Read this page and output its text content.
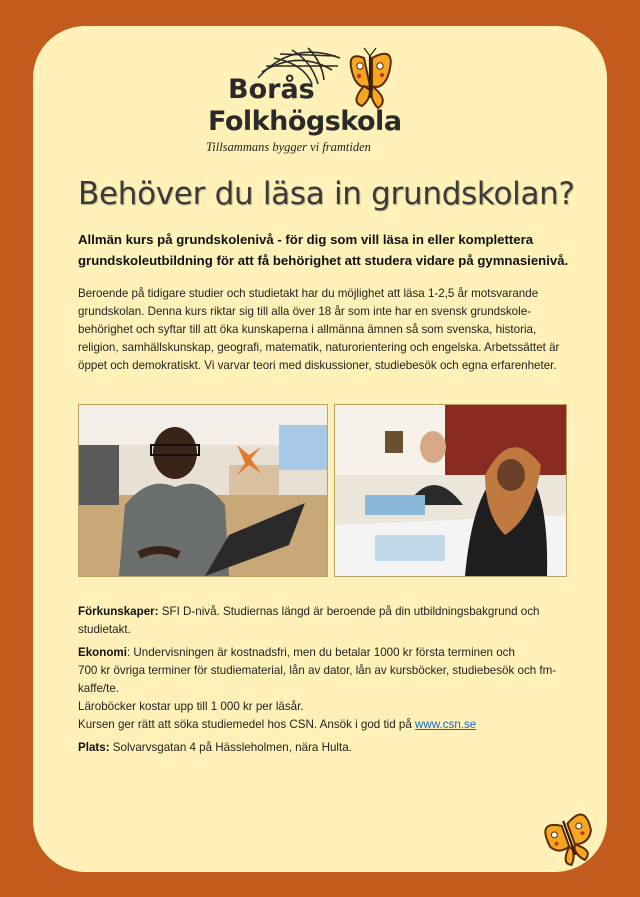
Borås
Folkhögskola
Tillsammans bygger vi framtiden
Behöver du läsa in grundskolan?

Allmän kurs på grundskolenivå - för dig som vill läsa in eller komplettera grundskoleutbildning för att få behörighet att studera vidare på gymnasienivå.

Beroende på tidigare studier och studietakt har du möjlighet att läsa 1-2,5 år motsvarande grundskolan. Denna kurs riktar sig till alla över 18 år som inte har en svensk grundskole-behörighet och syftar till att öka kunskaperna i allmänna ämnen så som svenska, historia, religion, samhällskunskap, geografi, matematik, naturorientering och engelska. Arbetssättet är öppet och demokratiskt. Vi varvar teori med diskussioner, studiebesök och egna erfarenheter.

Förkunskaper: SFI D-nivå. Studiernas längd är beroende på din utbildningsbakgrund och studietakt.

Ekonomi: Undervisningen är kostnadsfri, men du betalar 1000 kr första terminen och
700 kr övriga terminer för studiematerial, lån av dator, lån av kursböcker, studiebesök och fm-kaffe/te.
Läroböcker kostar upp till 1 000 kr per läsår.
Kursen ger rätt att söka studiemedel hos CSN. Ansök i god tid på www.csn.se

Plats: Solvarvsgatan 4 på Hässleholmen, nära Hulta.
